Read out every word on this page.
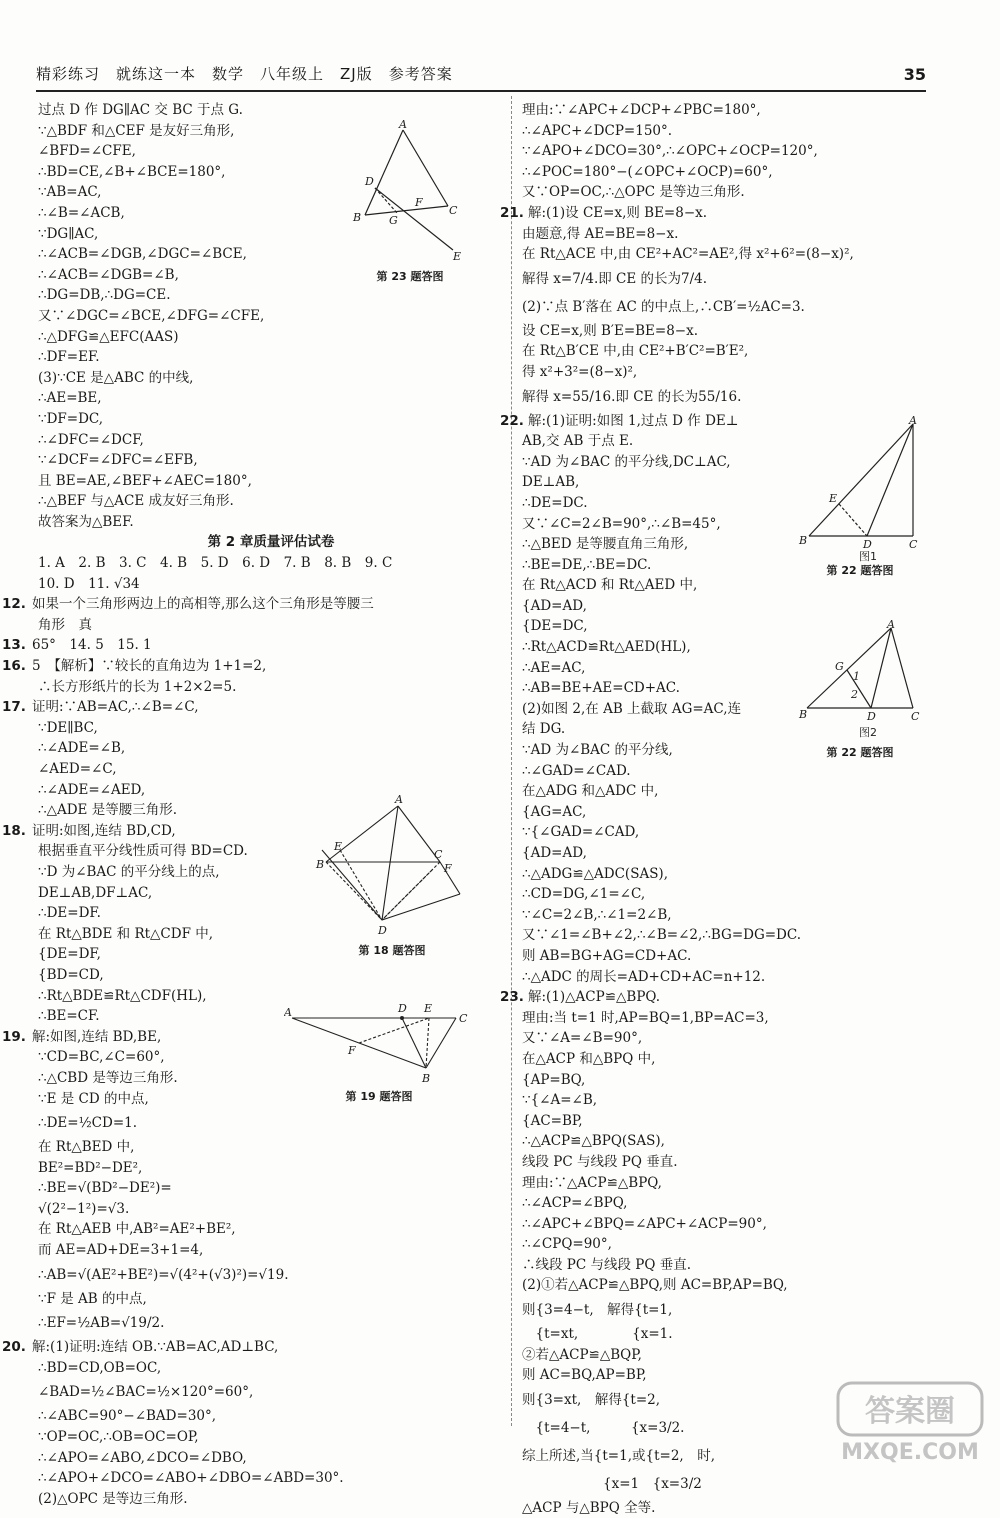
精彩练习　就练这一本　数学　八年级上　ZJ版　参考答案	35
过点 D 作 DG∥AC 交 BC 于点 G.
∵△BDF 和△CEF 是友好三角形,
∠BFD=∠CFE,
∴BD=CE,∠B+∠BCE=180°,
∵AB=AC,
∴∠B=∠ACB,
∵DG∥AC,
∴∠ACB=∠DGB,∠DGC=∠BCE,
∴∠ACB=∠DGB=∠B,
∴DG=DB,∴DG=CE.
又∵∠DGC=∠BCE,∠DFG=∠CFE,
∴△DFG≌△EFC(AAS)
∴DF=EF.
(3)∵CE 是△ABC 的中线,
∴AE=BE,
∵DF=DC,
∴∠DFC=∠DCF,
∵∠DCF=∠DFC=∠EFB,
且 BE=AE,∠BEF+∠AEC=180°,
∴△BEF 与△ACE 成友好三角形.
故答案为△BEF.
第 2 章质量评估试卷
1. A　2. B　3. C　4. B　5. D　6. D　7. B　8. B　9. C
10. D　11. √34
12. 如果一个三角形两边上的高相等,那么这个三角形是等腰三
角形　真
13. 65°　14. 5　15. 1
16. 5　【解析】∵较长的直角边为 1+1=2,
∴长方形纸片的长为 1+2×2=5.
17. 证明:∵AB=AC,∴∠B=∠C,
∵DE∥BC,
∴∠ADE=∠B,
∠AED=∠C,
∴∠ADE=∠AED,
∴△ADE 是等腰三角形.
18. 证明:如图,连结 BD,CD,
根据垂直平分线性质可得 BD=CD.
∵D 为∠BAC 的平分线上的点,
DE⊥AB,DF⊥AC,
∴DE=DF.
在 Rt△BDE 和 Rt△CDF 中,
{DE=DF,
{BD=CD,
∴Rt△BDE≌Rt△CDF(HL),
∴BE=CF.
19. 解:如图,连结 BD,BE,
∵CD=BC,∠C=60°,
∴△CBD 是等边三角形.
∵E 是 CD 的中点,
∴DE=½CD=1.
在 Rt△BED 中,
BE²=BD²−DE²,
∴BE=√(BD²−DE²)=
√(2²−1²)=√3.
在 Rt△AEB 中,AB²=AE²+BE²,
而 AE=AD+DE=3+1=4,
∴AB=√(AE²+BE²)=√(4²+(√3)²)=√19.
∵F 是 AB 的中点,
∴EF=½AB=√19/2.
20. 解:(1)证明:连结 OB.∵AB=AC,AD⊥BC,
∴BD=CD,OB=OC,
∠BAD=½∠BAC=½×120°=60°,
∴∠ABC=90°−∠BAD=30°,
∵OP=OC,∴OB=OC=OP,
∴∠APO=∠ABO,∠DCO=∠DBO,
∴∠APO+∠DCO=∠ABO+∠DBO=∠ABD=30°.
(2)△OPC 是等边三角形.
理由:∵∠APC+∠DCP+∠PBC=180°,
∴∠APC+∠DCP=150°.
∵∠APO+∠DCO=30°,∴∠OPC+∠OCP=120°,
∴∠POC=180°−(∠OPC+∠OCP)=60°,
又∵OP=OC,∴△OPC 是等边三角形.
21. 解:(1)设 CE=x,则 BE=8−x.
由题意,得 AE=BE=8−x.
在 Rt△ACE 中,由 CE²+AC²=AE²,得 x²+6²=(8−x)²,
解得 x=7/4.即 CE 的长为7/4.
(2)∵点 B′落在 AC 的中点上,∴CB′=½AC=3.
设 CE=x,则 B′E=BE=8−x.
在 Rt△B′CE 中,由 CE²+B′C²=B′E²,
得 x²+3²=(8−x)²,
解得 x=55/16.即 CE 的长为55/16.
22. 解:(1)证明:如图 1,过点 D 作 DE⊥
AB,交 AB 于点 E.
∵AD 为∠BAC 的平分线,DC⊥AC,
DE⊥AB,
∴DE=DC.
又∵∠C=2∠B=90°,∴∠B=45°,
∴△BED 是等腰直角三角形,
∴BE=DE,∴BE=DC.
在 Rt△ACD 和 Rt△AED 中,
{AD=AD,
{DE=DC,
∴Rt△ACD≌Rt△AED(HL),
∴AE=AC,
∴AB=BE+AE=CD+AC.
(2)如图 2,在 AB 上截取 AG=AC,连
结 DG.
∵AD 为∠BAC 的平分线,
∴∠GAD=∠CAD.
在△ADG 和△ADC 中,
{AG=AC,
∵{∠GAD=∠CAD,
{AD=AD,
∴△ADG≌△ADC(SAS),
∴CD=DG,∠1=∠C,
∵∠C=2∠B,∴∠1=2∠B,
又∵∠1=∠B+∠2,∴∠B=∠2,∴BG=DG=DC.
则 AB=BG+AG=CD+AC.
∴△ADC 的周长=AD+CD+AC=n+12.
23. 解:(1)△ACP≌△BPQ.
理由:当 t=1 时,AP=BQ=1,BP=AC=3,
又∵∠A=∠B=90°,
在△ACP 和△BPQ 中,
{AP=BQ,
∵{∠A=∠B,
{AC=BP,
∴△ACP≌△BPQ(SAS),
线段 PC 与线段 PQ 垂直.
理由:∵△ACP≌△BPQ,
∴∠ACP=∠BPQ,
∴∠APC+∠BPQ=∠APC+∠ACP=90°,
∴∠CPQ=90°,
∴线段 PC 与线段 PQ 垂直.
(2)①若△ACP≌△BPQ,则 AC=BP,AP=BQ,
则{3=4−t,　解得{t=1,
　{t=xt,　　　　{x=1.
②若△ACP≌△BQP,
则 AC=BQ,AP=BP,
则{3=xt,　解得{t=2,
　{t=4−t,　　　{x=3/2.
综上所述,当{t=1,或{t=2,　时,
　　　　　　{x=1　{x=3/2
△ACP 与△BPQ 全等.
A
D
F
C
B	G
E
第 23 题答图
A
E
B
C
F
D
第 18 题答图
A	D E
C
F
B
第 19 题答图
A
E
B	D	C
图1
第 22 题答图
A
G
1
2
B	D	C
图2
第 22 题答图
答案圈
MXQE.COM
